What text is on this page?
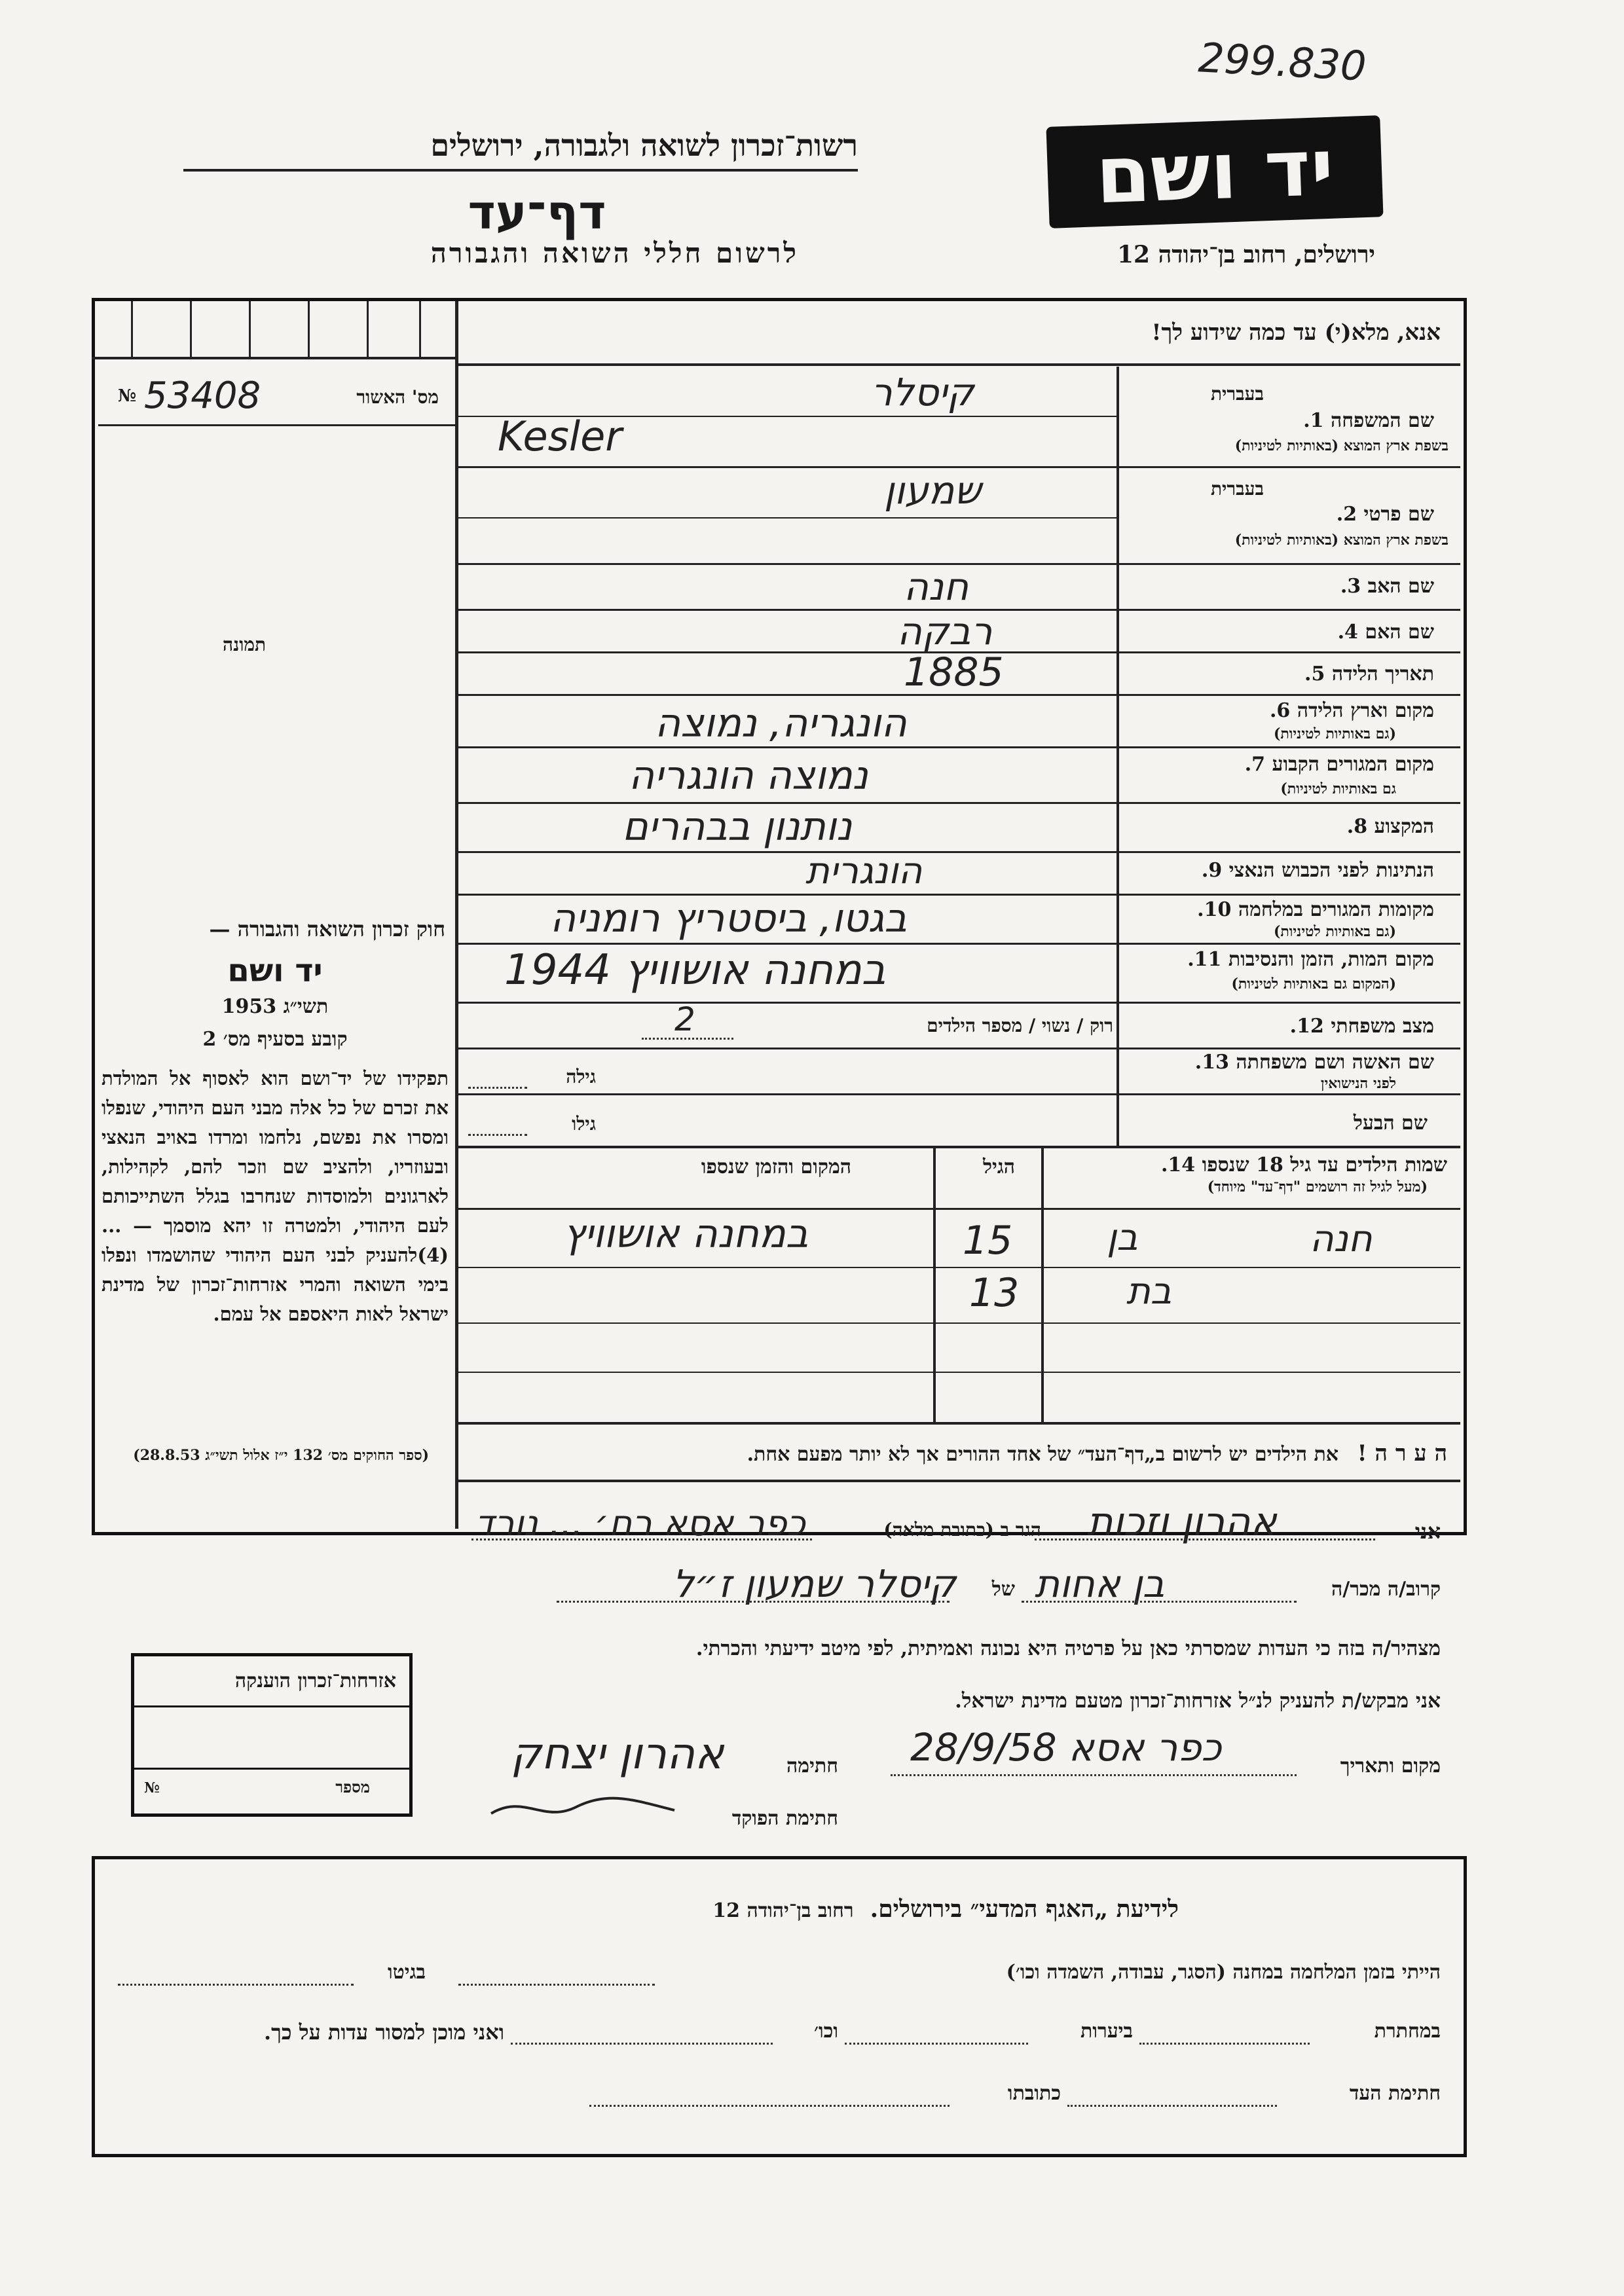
299.830
יד ושם
רשות־זכרון לשואה ולגבורה, ירושלים
דף־עד
לרשום חללי השואה והגבורה	ירושלים, רחוב בן־יהודה 12
אנא, מלא(י) עד כמה שידוע לך!
№ 53408	מס' האשור
תמונה
בעברית
שם המשפחה 1.
בשפת ארץ המוצא (באותיות לטיניות)
קיסלר
Kesler
בעברית
שם פרטי 2.
בשפת ארץ המוצא (באותיות לטיניות)
שמעון
שם האב 3.
חנה
שם האם 4.
רבקה
תאריך הלידה 5.
1885
מקום וארץ הלידה 6.
(גם באותיות לטיניות)
הונגריה, נמוצה
מקום המגורים הקבוע 7.
גם באותיות לטיניות)
נמוצה הונגריה
המקצוע 8.
נותנון בבהרים
הנתינות לפני הכבוש הנאצי 9.
הונגרית
מקומות המגורים במלחמה 10.
(גם באותיות לטיניות)
בגטו, ביסטריץ רומניה
מקום המות, הזמן והנסיבות 11.
(המקום גם באותיות לטיניות)
במחנה אושוויץ 1944
מצב משפחתי 12.
רוק / נשוי / מספר הילדים
2
שם האשה ושם משפחתה 13.
לפני הנישואין
גילה
שם הבעל
גילו
שמות הילדים עד גיל 18 שנספו 14.
(מעל לגיל זה רושמים "דף־עד" מיוחד)
הגיל
המקום והזמן שנספו
חנה
בן
15
במחנה אושוויץ
בת
13
ה ע ר ה !   את הילדים יש לרשום ב„דף־העד״ של אחד ההורים אך לא יותר מפעם אחת.
חוק זכרון השואה והגבורה —
יד ושם
תשי״ג 1953
קובע בסעיף מס׳ 2
תפקידו של יד־ושם הוא לאסוף אל המולדת את זכרם של כל אלה מבני העם היהודי, שנפלו ומסרו את נפשם, נלחמו ומרדו באויב הנאצי ובעוזריו, ולהציב שם וזכר להם, לקהילות, לארגונים ולמוסדות שנחרבו בגלל השתייכותם לעם היהודי, ולמטרה זו יהא מוסמך — ...(4)להעניק לבני העם היהודי שהושמדו ונפלו בימי השואה והמרי אזרחות־זכרון של מדינת ישראל לאות היאספם אל עמם.
(ספר החוקים מס׳ 132 י״ז אלול תשי״ג 28.8.53)
אני
אהרון וזכות
הגר ב (כתובת מלאה)
כפר אסא רח׳ ... נורד
קרוב/ה מכר/ה
בן אחות
של
קיסלר שמעון ז״ל
מצהיר/ה בזה כי העדות שמסרתי כאן על פרטיה היא נכונה ואמיתית, לפי מיטב ידיעתי והכרתי.
אני מבקש/ת להעניק לנ״ל אזרחות־זכרון מטעם מדינת ישראל.
מקום ותאריך
כפר אסא 28/9/58
חתימה
אהרון יצחק
חתימת הפוקד
אזרחות־זכרון הוענקה
מספר
№
לידיעת „האגף המדעי״ בירושלים.  רחוב בן־יהודה 12
הייתי בזמן המלחמה במחנה (הסגר, עבודה, השמדה וכו׳)
בגיטו
במחתרת
ביערות
וכו׳
ואני מוכן למסור עדות על כך.
חתימת העד
כתובתו
